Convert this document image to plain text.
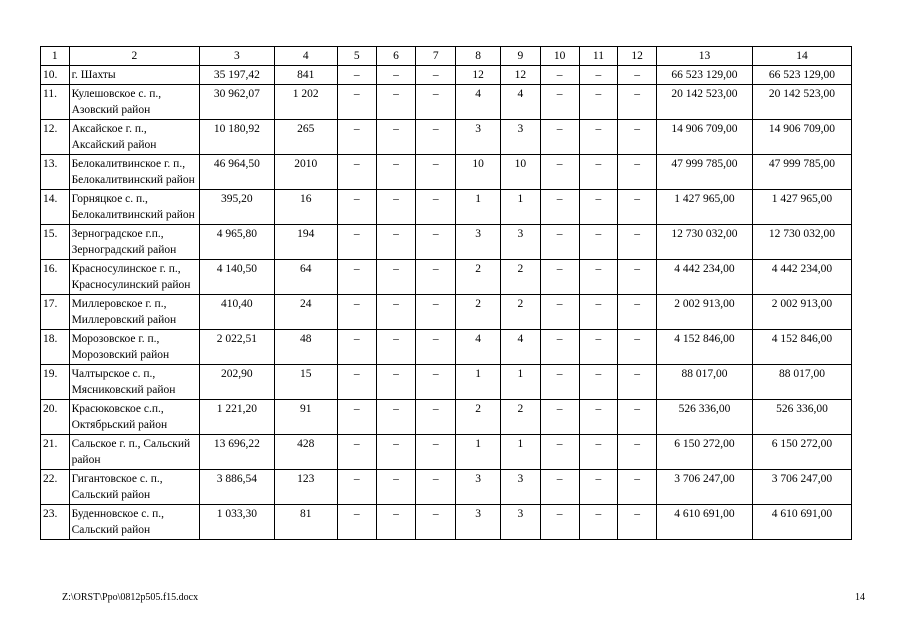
1	2	3	4	5	6	7	8	9	10	11	12	13	14
10.	г. Шахты	35 197,42	841	–	–	–	12	12	–	–	–	66 523 129,00	66 523 129,00
11.	Кулешовское с. п., Азовский район	30 962,07	1 202	–	–	–	4	4	–	–	–	20 142 523,00	20 142 523,00
12.	Аксайское г. п., Аксайский район	10 180,92	265	–	–	–	3	3	–	–	–	14 906 709,00	14 906 709,00
13.	Белокалитвинское г. п., Белокалитвинский район	46 964,50	2010	–	–	–	10	10	–	–	–	47 999 785,00	47 999 785,00
14.	Горняцкое с. п., Белокалитвинский район	395,20	16	–	–	–	1	1	–	–	–	1 427 965,00	1 427 965,00
15.	Зерноградское г.п., Зерноградский район	4 965,80	194	–	–	–	3	3	–	–	–	12 730 032,00	12 730 032,00
16.	Красносулинское г. п., Красносулинский район	4 140,50	64	–	–	–	2	2	–	–	–	4 442 234,00	4 442 234,00
17.	Миллеровское г. п., Миллеровский район	410,40	24	–	–	–	2	2	–	–	–	2 002 913,00	2 002 913,00
18.	Морозовское г. п., Морозовский район	2 022,51	48	–	–	–	4	4	–	–	–	4 152 846,00	4 152 846,00
19.	Чалтырское с. п., Мясниковский район	202,90	15	–	–	–	1	1	–	–	–	88 017,00	88 017,00
20.	Красюковское с.п., Октябрьский район	1 221,20	91	–	–	–	2	2	–	–	–	526 336,00	526 336,00
21.	Сальское г. п., Сальский район	13 696,22	428	–	–	–	1	1	–	–	–	6 150 272,00	6 150 272,00
22.	Гигантовское с. п., Сальский район	3 886,54	123	–	–	–	3	3	–	–	–	3 706 247,00	3 706 247,00
23.	Буденновское с. п., Сальский район	1 033,30	81	–	–	–	3	3	–	–	–	4 610 691,00	4 610 691,00
Z:\ORST\Ppo\0812p505.f15.docx	14
